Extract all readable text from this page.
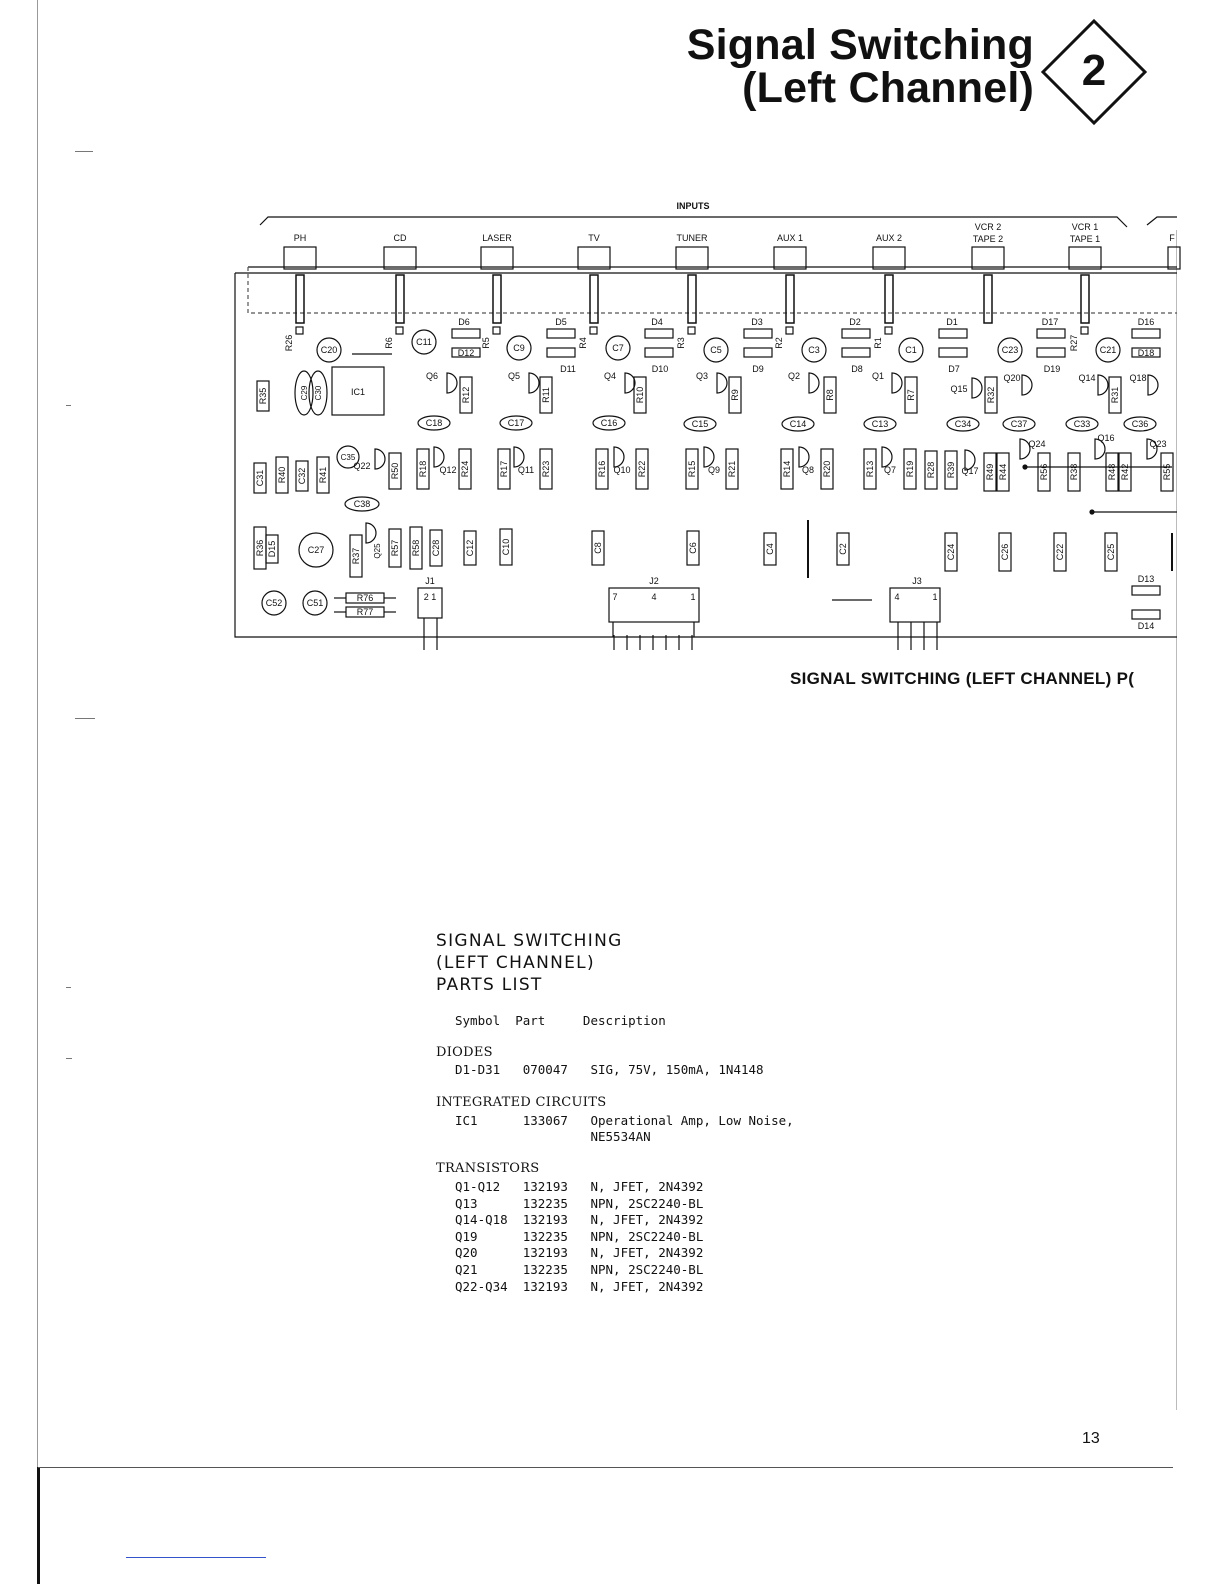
Signal Switching
(Left Channel)	2
INPUTS
PH	CD	LASER	TV	TUNER	AUX 1	AUX 2
VCR 2
TAPE 2
VCR 1
TAPE 1	F
D6	D5	D4	D3	D2	D1	D17	D16
D12
D11	D10	D9	D8	D7	D19
D18
C20
C11
C9	C7	C5	C3	C1	C23	C21
R26	R6	R5	R4	R3	R2	R1	R27
IC1
C29 C30
Q6	Q5	Q4	Q3	Q2	Q1
Q15
Q20	Q14	Q18
R35	R12	R11	R10	R9	R8	R7	R32	R31
C18	C17	C16	C15	C14	C13	C34	C37	C33	C36
C35
C38
C31 R40 C32 R41	R50 R18	R24	R17	R23	R16	R22	R15	R21	R14	R20	R13	R19 R28 R39	R49 R44	R56 R38	R48 R42	R55
Q22	Q12	Q11	Q10	Q9	Q8	Q7	Q17
Q24
Q16
Q23
R36 D15	R37	R57 R58 C28	C12	C10	C8	C6	C4	C2	C24	C26	C22	C25
C27	Q25
C52	C51	R76
R77
J1
2 1
J2
7	4	1
J3
4	1
D13
D14
SIGNAL SWITCHING (LEFT CHANNEL) P(
SIGNAL SWITCHING
(LEFT CHANNEL)
PARTS LIST
Symbol  Part     Description
DIODES
D1-D31   070047   SIG, 75V, 150mA, 1N4148
INTEGRATED CIRCUITS
IC1      133067   Operational Amp, Low Noise,
NE5534AN
TRANSISTORS
Q1-Q12   132193   N, JFET, 2N4392
Q13      132235   NPN, 2SC2240-BL
Q14-Q18  132193   N, JFET, 2N4392
Q19      132235   NPN, 2SC2240-BL
Q20      132193   N, JFET, 2N4392
Q21      132235   NPN, 2SC2240-BL
Q22-Q34  132193   N, JFET, 2N4392
13
